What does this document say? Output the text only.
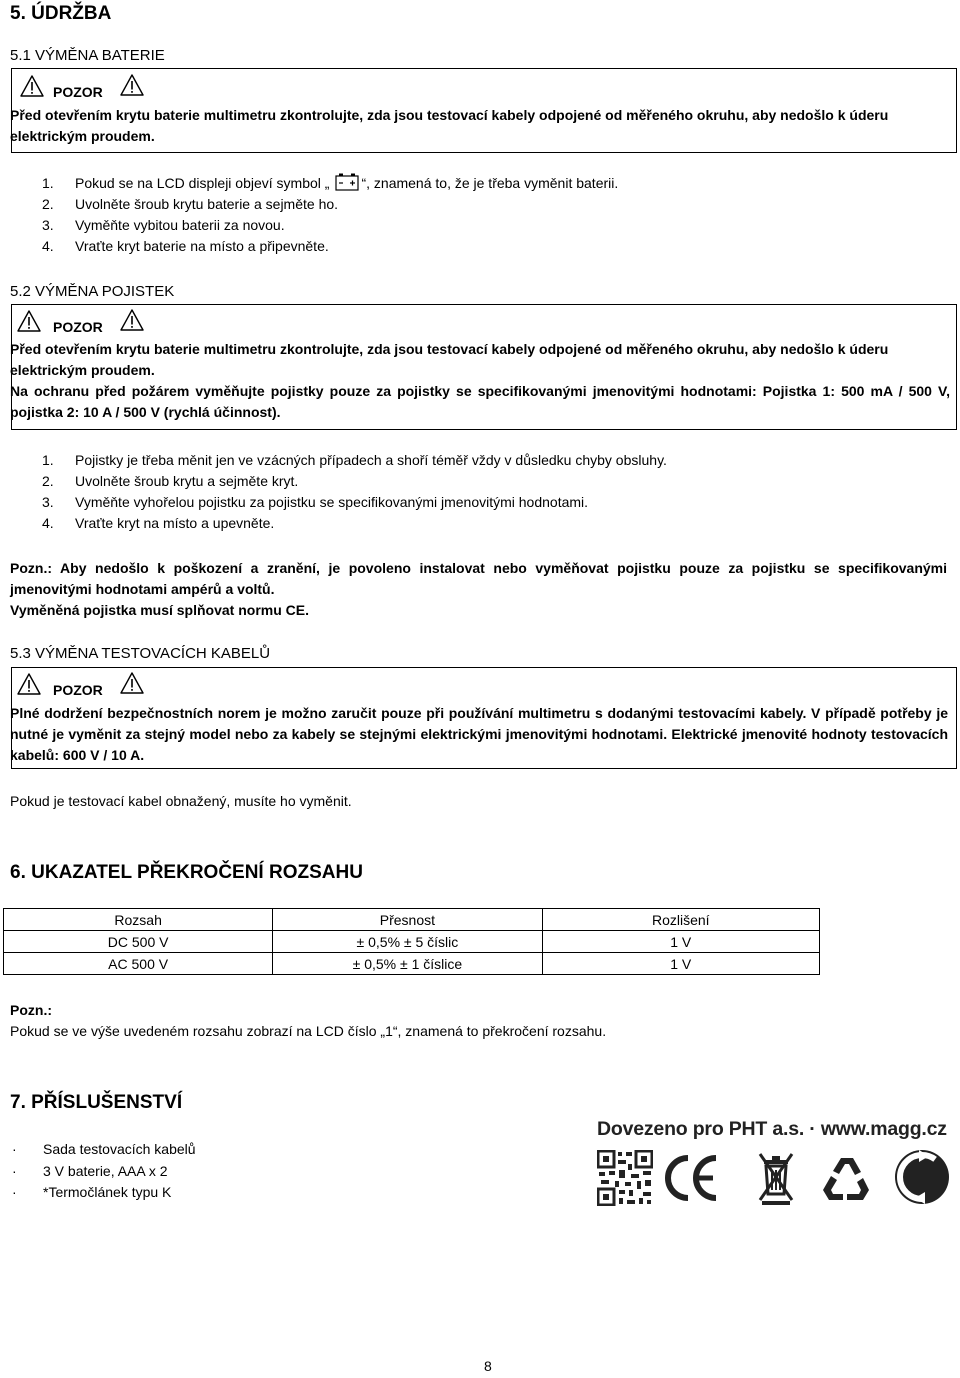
5. ÚDRŽBA
5.1 VÝMĚNA BATERIE
POZOR
Před otevřením krytu baterie multimetru zkontrolujte, zda jsou testovací kabely odpojené od měřeného okruhu, aby nedošlo k úderu elektrickým proudem.
1.	Pokud se na LCD displeji objeví symbol „ “, znamená to, že je třeba vyměnit baterii.
2.	Uvolněte šroub krytu baterie a sejměte ho.
3.	Vyměňte vybitou baterii za novou.
4.	Vraťte kryt baterie na místo a připevněte.
5.2 VÝMĚNA POJISTEK
POZOR
Před otevřením krytu baterie multimetru zkontrolujte, zda jsou testovací kabely odpojené od měřeného okruhu, aby nedošlo k úderu elektrickým proudem.
Na ochranu před požárem vyměňujte pojistky pouze za pojistky se specifikovanými jmenovitými hodnotami: Pojistka 1: 500 mA / 500 V, pojistka 2: 10 A / 500 V (rychlá účinnost).
1.	Pojistky je třeba měnit jen ve vzácných případech a shoří téměř vždy v důsledku chyby obsluhy.
2.	Uvolněte šroub krytu a sejměte kryt.
3.	Vyměňte vyhořelou pojistku za pojistku se specifikovanými jmenovitými hodnotami.
4.	Vraťte kryt na místo a upevněte.
Pozn.: Aby nedošlo k poškození a zranění, je povoleno instalovat nebo vyměňovat pojistku pouze za pojistku se specifikovanými jmenovitými hodnotami ampérů a voltů.
Vyměněná pojistka musí splňovat normu CE.
5.3 VÝMĚNA TESTOVACÍCH KABELŮ
POZOR
Plné dodržení bezpečnostních norem je možno zaručit pouze při používání multimetru s dodanými testovacími kabely. V případě potřeby je nutné je vyměnit za stejný model nebo za kabely se stejnými elektrickými jmenovitými hodnotami. Elektrické jmenovité hodnoty testovacích kabelů: 600 V / 10 A.
Pokud je testovací kabel obnažený, musíte ho vyměnit.
6. UKAZATEL PŘEKROČENÍ ROZSAHU
Rozsah	Přesnost	Rozlišení
DC 500 V	± 0,5% ± 5 číslic	1 V
AC 500 V	± 0,5% ± 1 číslice	1 V
Pozn.:
Pokud se ve výše uvedeném rozsahu zobrazí na LCD číslo „1“, znamená to překročení rozsahu.
7. PŘÍSLUŠENSTVÍ
·	Sada testovacích kabelů
·	3 V baterie, AAA x 2
·	*Termočlánek typu K
Dovezeno pro PHT a.s. · www.magg.cz
8
